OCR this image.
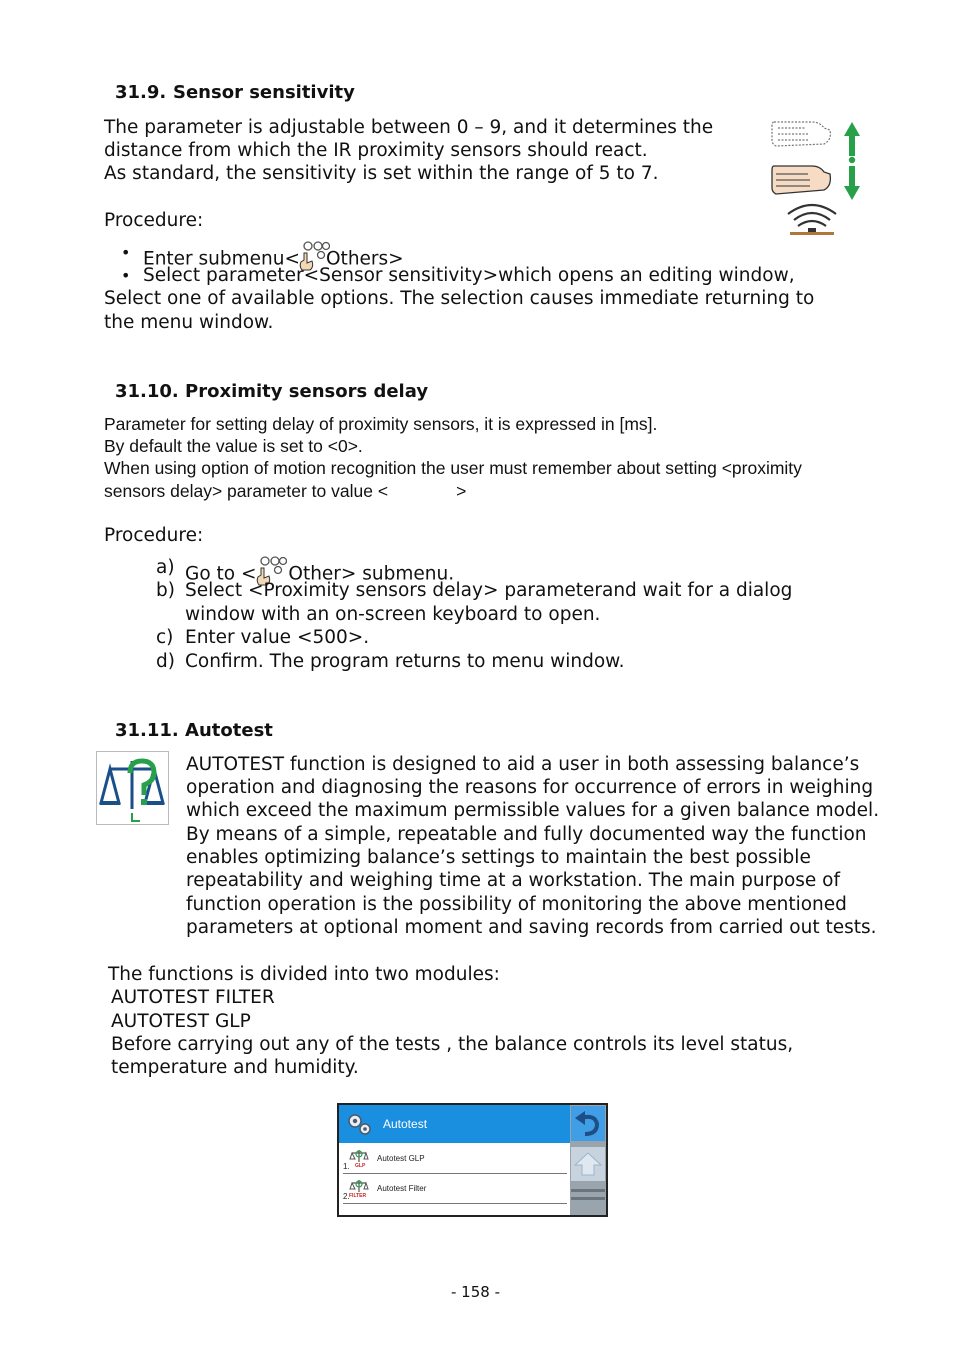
31.9. Sensor sensitivity
The parameter is adjustable between 0 – 9, and it determines the
distance from which the IR proximity sensors should react.
As standard, the sensitivity is set within the range of 5 to 7.
Procedure:
• Enter submenu< Others>
• Select parameter<Sensor sensitivity>which opens an editing window,
Select one of available options. The selection causes immediate returning to
the menu window.
31.10. Proximity sensors delay
Parameter for setting delay of proximity sensors, it is expressed in [ms].
By default the value is set to <0>.
When using option of motion recognition the user must remember about setting <proximity
sensors delay> parameter to value <	>
Procedure:
a) Go to < Other> submenu.
b) Select <Proximity sensors delay> parameterand wait for a dialog
window with an on-screen keyboard to open.
c) Enter value <500>.
d) Confirm. The program returns to menu window.
31.11. Autotest
AUTOTEST function is designed to aid a user in both assessing balance’s
operation and diagnosing the reasons for occurrence of errors in weighing
which exceed the maximum permissible values for a given balance model.
By means of a simple, repeatable and fully documented way the function
enables optimizing balance’s settings to maintain the best possible
repeatability and weighing time at a workstation. The main purpose of
function operation is the possibility of monitoring the above mentioned
parameters at optional moment and saving records from carried out tests.
The functions is divided into two modules:
AUTOTEST FILTER
AUTOTEST GLP
Before carrying out any of the tests , the balance controls its level status,
temperature and humidity.
Autotest
1. GLP
Autotest GLP
2. FILTER
Autotest Filter
- 158 -
